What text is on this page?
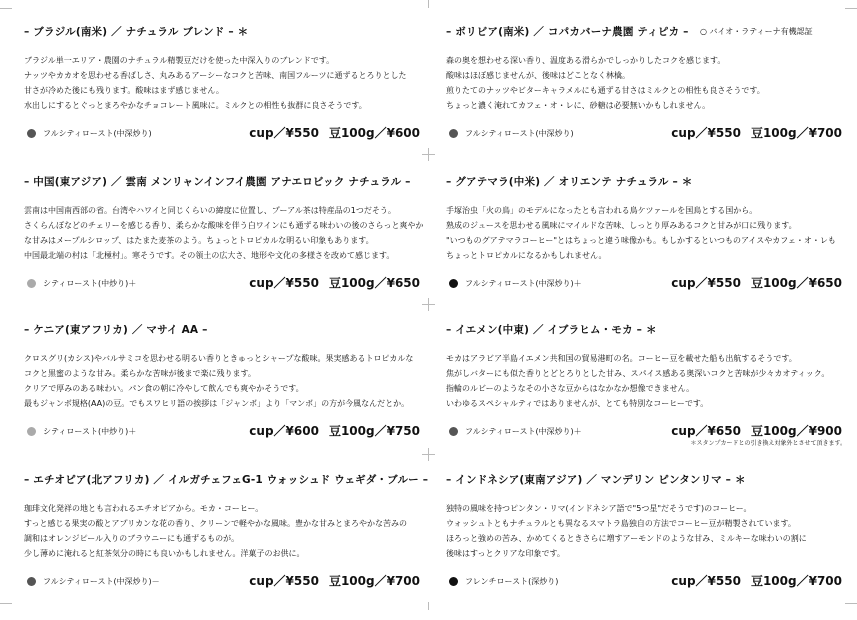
– ブラジル(南米) ／ ナチュラル ブレンド – ＊
ブラジル単一エリア・農園のナチュラル精製豆だけを使った中深入りのブレンドです。
ナッツやカカオを思わせる香ばしさ、丸みあるアーシーなコクと苦味、南国フルーツに通ずるとろりとした
甘さが冷めた後にも残ります。酸味はまず感じません。
水出しにするとぐっとまろやかなチョコレート風味に。ミルクとの相性も抜群に良さそうです。
フルシティロースト(中深炒り)	cup／¥550 豆100g／¥600
– ボリビア(南米) ／ コパカバーナ農園 ティピカ – ○ バイオ・ラティーナ有機認証
森の奥を想わせる深い香り、温度ある滑らかでしっかりしたコクを感じます。
酸味はほぼ感じませんが、後味はどことなく林檎。
煎りたてのナッツやビターキャラメルにも通ずる甘さはミルクとの相性も良さそうです。
ちょっと濃く淹れてカフェ・オ・レに、砂糖は必要無いかもしれません。
フルシティロースト(中深炒り)	cup／¥550 豆100g／¥700
– 中国(東アジア) ／ 雲南 メンリャンインフイ農園 アナエロビック ナチュラル –
雲南は中国南西部の省。台湾やハワイと同じくらいの緯度に位置し、プーアル茶は特産品の1つだそう。
さくらんぼなどのチェリーを感じる香り、柔らかな酸味を伴う白ワインにも通ずる味わいの後のさらっと爽やか
な甘みはメープルシロップ、はたまた麦茶のよう。ちょっとトロピカルな明るい印象もあります。
中国最北端の村は「北極村」。寒そうです。その領土の広大さ、地形や文化の多様さを改めて感じます。
シティロースト(中炒り)＋	cup／¥550 豆100g／¥650
– グアテマラ(中米) ／ オリエンテ ナチュラル – ＊
手塚治虫「火の鳥」のモデルになったとも言われる鳥ケツァールを国鳥とする国から。
熟成のジュースを思わせる風味にマイルドな苦味、しっとり厚みあるコクと甘みが口に残ります。
"いつものグアテマラコーヒー"とはちょっと違う味像かも。もしかするといつものアイスやカフェ・オ・レも
ちょっとトロピカルになるかもしれません。
フルシティロースト(中深炒り)＋	cup／¥550 豆100g／¥650
– ケニア(東アフリカ) ／ マサイ AA –
クロスグリ(カシス)やバルサミコを思わせる明るい香りときゅっとシャープな酸味。果実感あるトロピカルな
コクと黒蜜のような甘み。柔らかな苦味が後まで楽に残ります。
クリアで厚みのある味わい。パン食の朝に冷やして飲んでも爽やかそうです。
最もジャンボ規格(AA)の豆。でもスワヒリ語の挨拶は「ジャンボ」より「マンボ」の方が今風なんだとか。
シティロースト(中炒り)＋	cup／¥600 豆100g／¥750
– イエメン(中東) ／ イブラヒム・モカ – ＊
モカはアラビア半島イエメン共和国の貿易港町の名。コーヒー豆を載せた船も出航するそうです。
焦がしバターにも似た香りとどとろりとした甘み、スパイス感ある奥深いコクと苦味が少々カオティック。
指輪のルビーのようなその小さな豆からはなかなか想像できません。
いわゆるスペシャルティではありませんが、とても特別なコーヒーです。
フルシティロースト(中深炒り)＋	cup／¥650 豆100g／¥900
＊スタンプカードとの引き換え対象外とさせて頂きます。
– エチオピア(北アフリカ) ／ イルガチェフェG-1 ウォッシュド ウェギダ・ブルー –
珈琲文化発祥の地とも言われるエチオピアから。モカ・コーヒー。
すっと感じる果実の酸とアプリカンな花の香り、クリーンで軽やかな風味。豊かな甘みとまろやかな苦みの
調和はオレンジピール入りのブラウニーにも通ずるものが。
少し薄めに淹れると紅茶気分の時にも良いかもしれません。洋菓子のお供に。
フルシティロースト(中深炒り)－	cup／¥550 豆100g／¥700
– インドネシア(東南アジア) ／ マンデリン ピンタンリマ – ＊
独特の風味を持つピンタン・リマ(インドネシア語で"5つ星"だそうです)のコーヒー。
ウォッシュトともナチュラルとも異なるスマトラ島独自の方法でコーヒー豆が精製されています。
ほろっと強めの苦み、かめてくるときさらに増すアーモンドのような甘み、ミルキーな味わいの割に
後味はすっとクリアな印象です。
フレンチロースト(深炒り)	cup／¥550 豆100g／¥700
